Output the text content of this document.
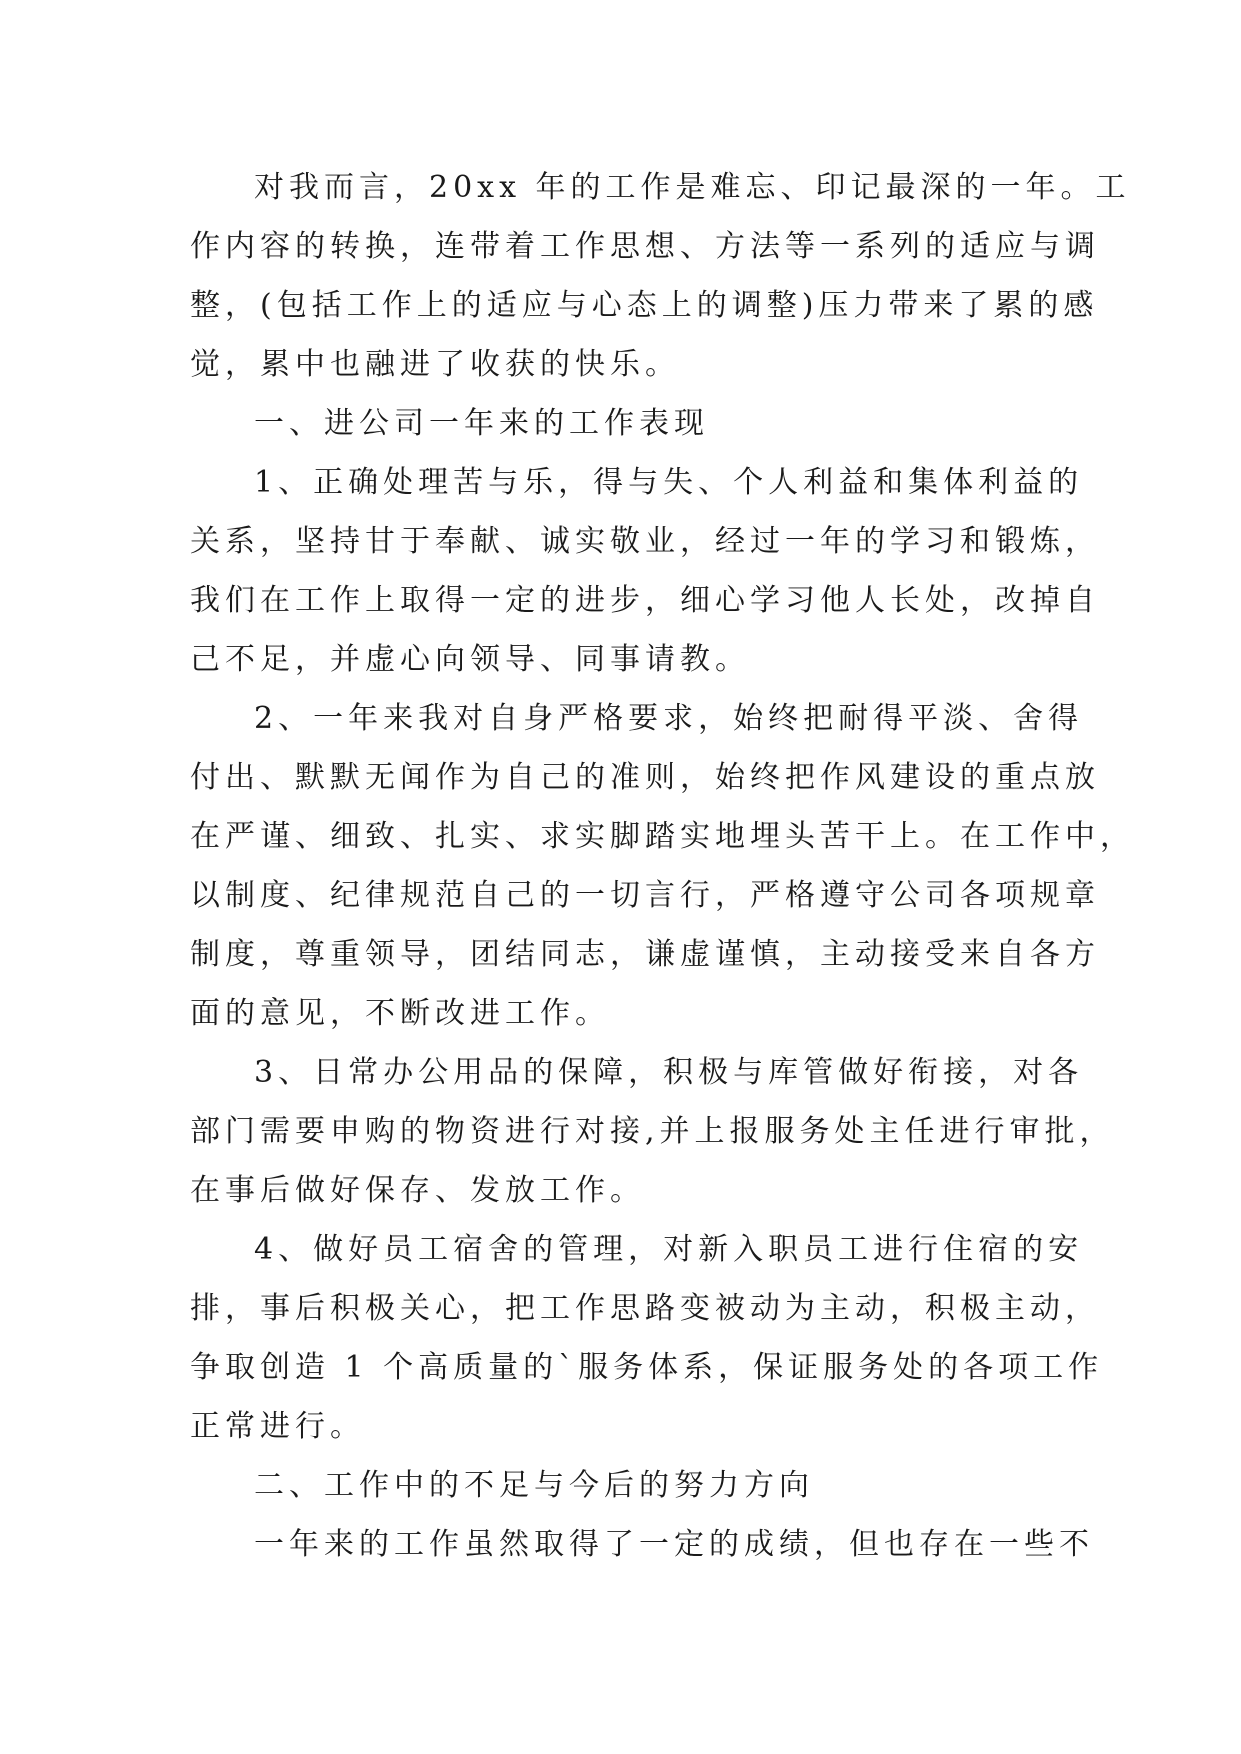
对我而言，20xx 年的工作是难忘、印记最深的一年。工
作内容的转换，连带着工作思想、方法等一系列的适应与调
整，(包括工作上的适应与心态上的调整)压力带来了累的感
觉，累中也融进了收获的快乐。
一、进公司一年来的工作表现
1、正确处理苦与乐，得与失、个人利益和集体利益的
关系，坚持甘于奉献、诚实敬业，经过一年的学习和锻炼，
我们在工作上取得一定的进步，细心学习他人长处，改掉自
己不足，并虚心向领导、同事请教。
2、一年来我对自身严格要求，始终把耐得平淡、舍得
付出、默默无闻作为自己的准则，始终把作风建设的重点放
在严谨、细致、扎实、求实脚踏实地埋头苦干上。在工作中，
以制度、纪律规范自己的一切言行，严格遵守公司各项规章
制度，尊重领导，团结同志，谦虚谨慎，主动接受来自各方
面的意见，不断改进工作。
3、日常办公用品的保障，积极与库管做好衔接，对各
部门需要申购的物资进行对接,并上报服务处主任进行审批，
在事后做好保存、发放工作。
4、做好员工宿舍的管理，对新入职员工进行住宿的安
排，事后积极关心，把工作思路变被动为主动，积极主动，
争取创造 1 个高质量的`服务体系，保证服务处的各项工作
正常进行。
二、工作中的不足与今后的努力方向
一年来的工作虽然取得了一定的成绩，但也存在一些不
